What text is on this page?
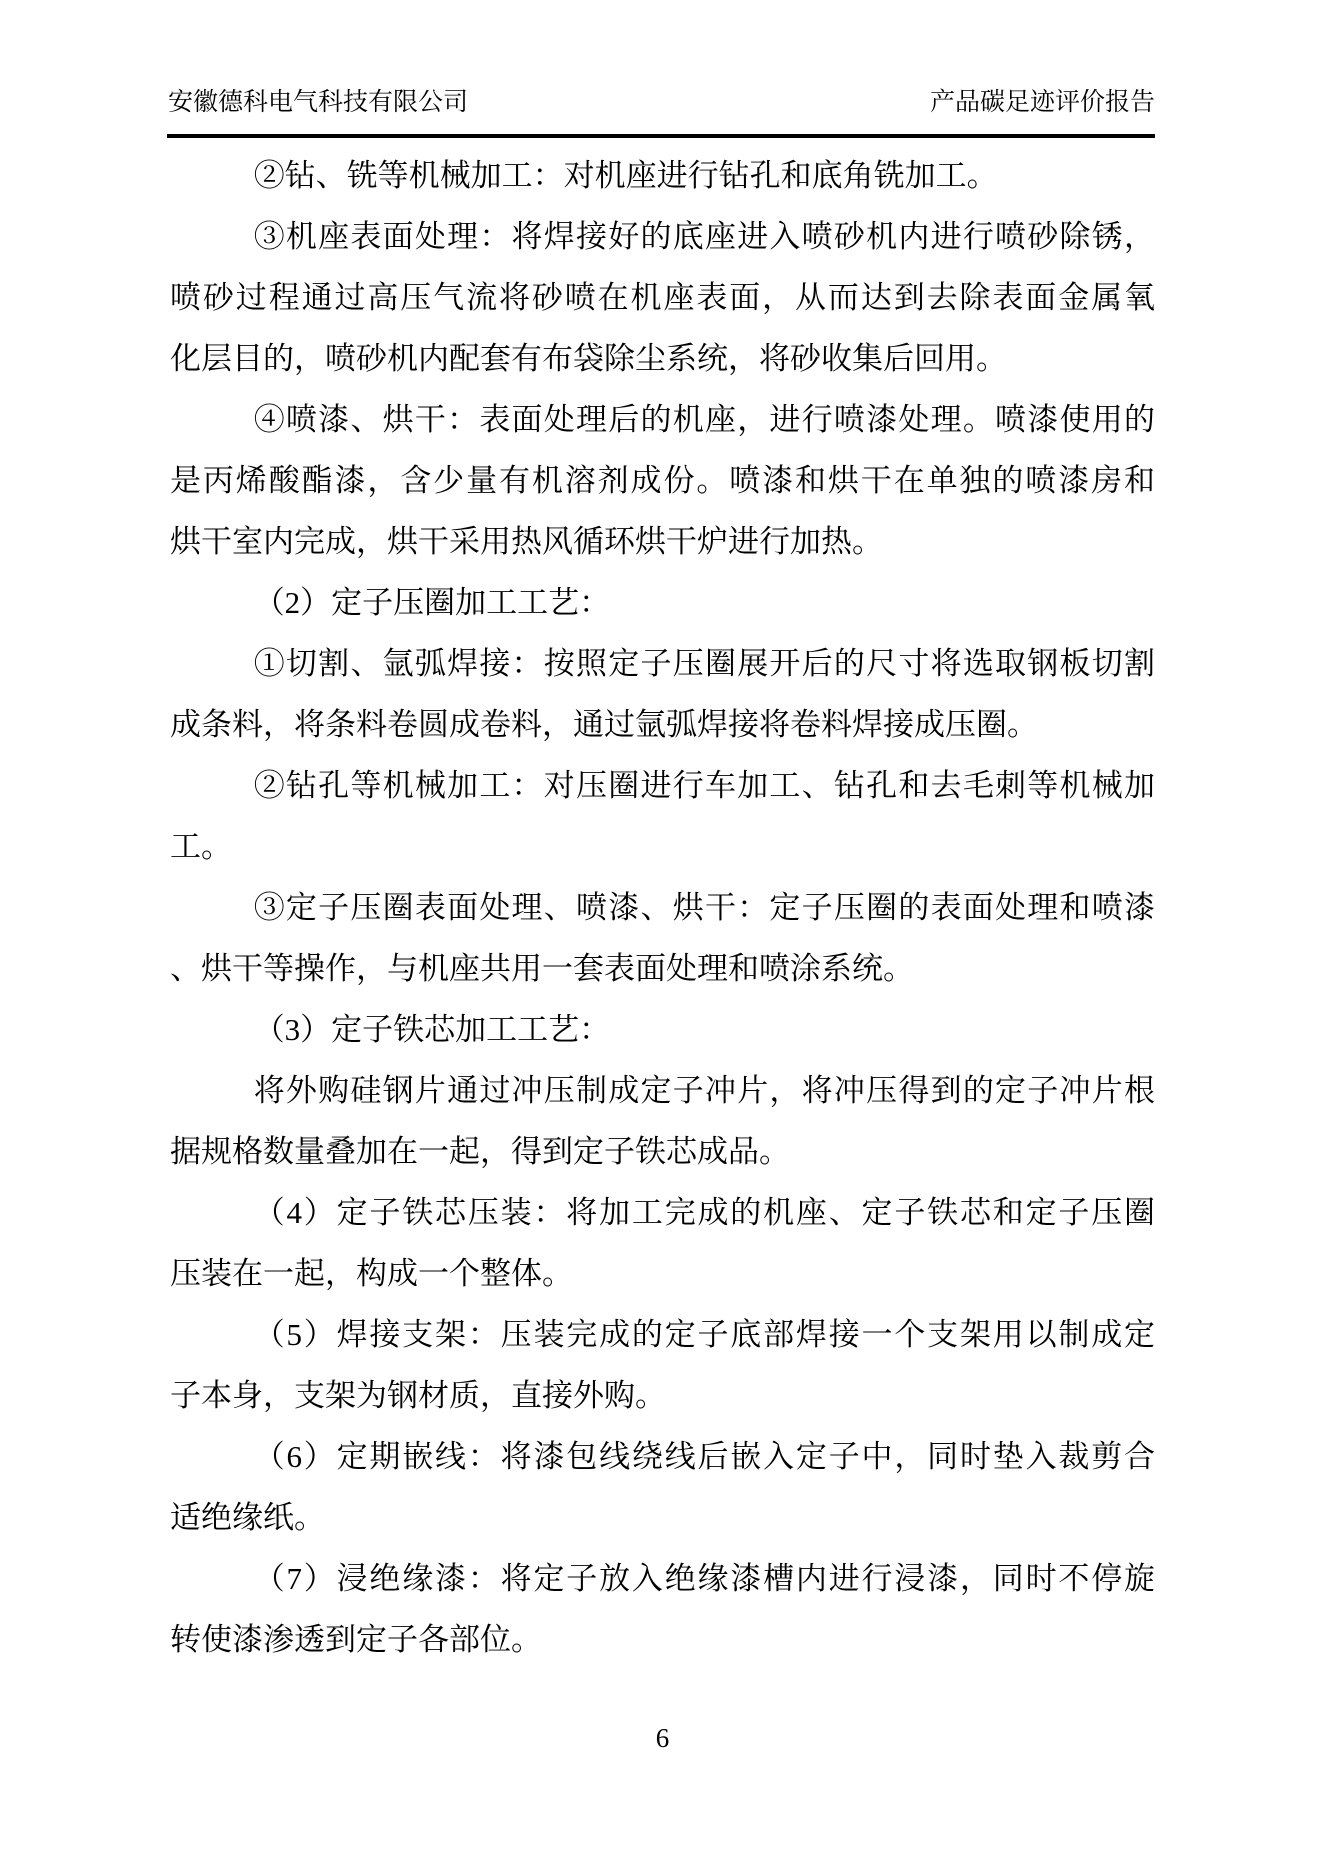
安徽德科电气科技有限公司	产品碳足迹评价报告
②钻、铣等机械加工：对机座进行钻孔和底角铣加工。
③机座表面处理：将焊接好的底座进入喷砂机内进行喷砂除锈，
喷砂过程通过高压气流将砂喷在机座表面，从而达到去除表面金属氧
化层目的，喷砂机内配套有布袋除尘系统，将砂收集后回用。
④喷漆、烘干：表面处理后的机座，进行喷漆处理。喷漆使用的
是丙烯酸酯漆，含少量有机溶剂成份。喷漆和烘干在单独的喷漆房和
烘干室内完成，烘干采用热风循环烘干炉进行加热。
（2）定子压圈加工工艺：
①切割、氩弧焊接：按照定子压圈展开后的尺寸将选取钢板切割
成条料，将条料卷圆成卷料，通过氩弧焊接将卷料焊接成压圈。
②钻孔等机械加工：对压圈进行车加工、钻孔和去毛刺等机械加
工。
③定子压圈表面处理、喷漆、烘干：定子压圈的表面处理和喷漆
、烘干等操作，与机座共用一套表面处理和喷涂系统。
（3）定子铁芯加工工艺：
将外购硅钢片通过冲压制成定子冲片，将冲压得到的定子冲片根
据规格数量叠加在一起，得到定子铁芯成品。
（4）定子铁芯压装：将加工完成的机座、定子铁芯和定子压圈
压装在一起，构成一个整体。
（5）焊接支架：压装完成的定子底部焊接一个支架用以制成定
子本身，支架为钢材质，直接外购。
（6）定期嵌线：将漆包线绕线后嵌入定子中，同时垫入裁剪合
适绝缘纸。
（7）浸绝缘漆：将定子放入绝缘漆槽内进行浸漆，同时不停旋
转使漆渗透到定子各部位。
6
